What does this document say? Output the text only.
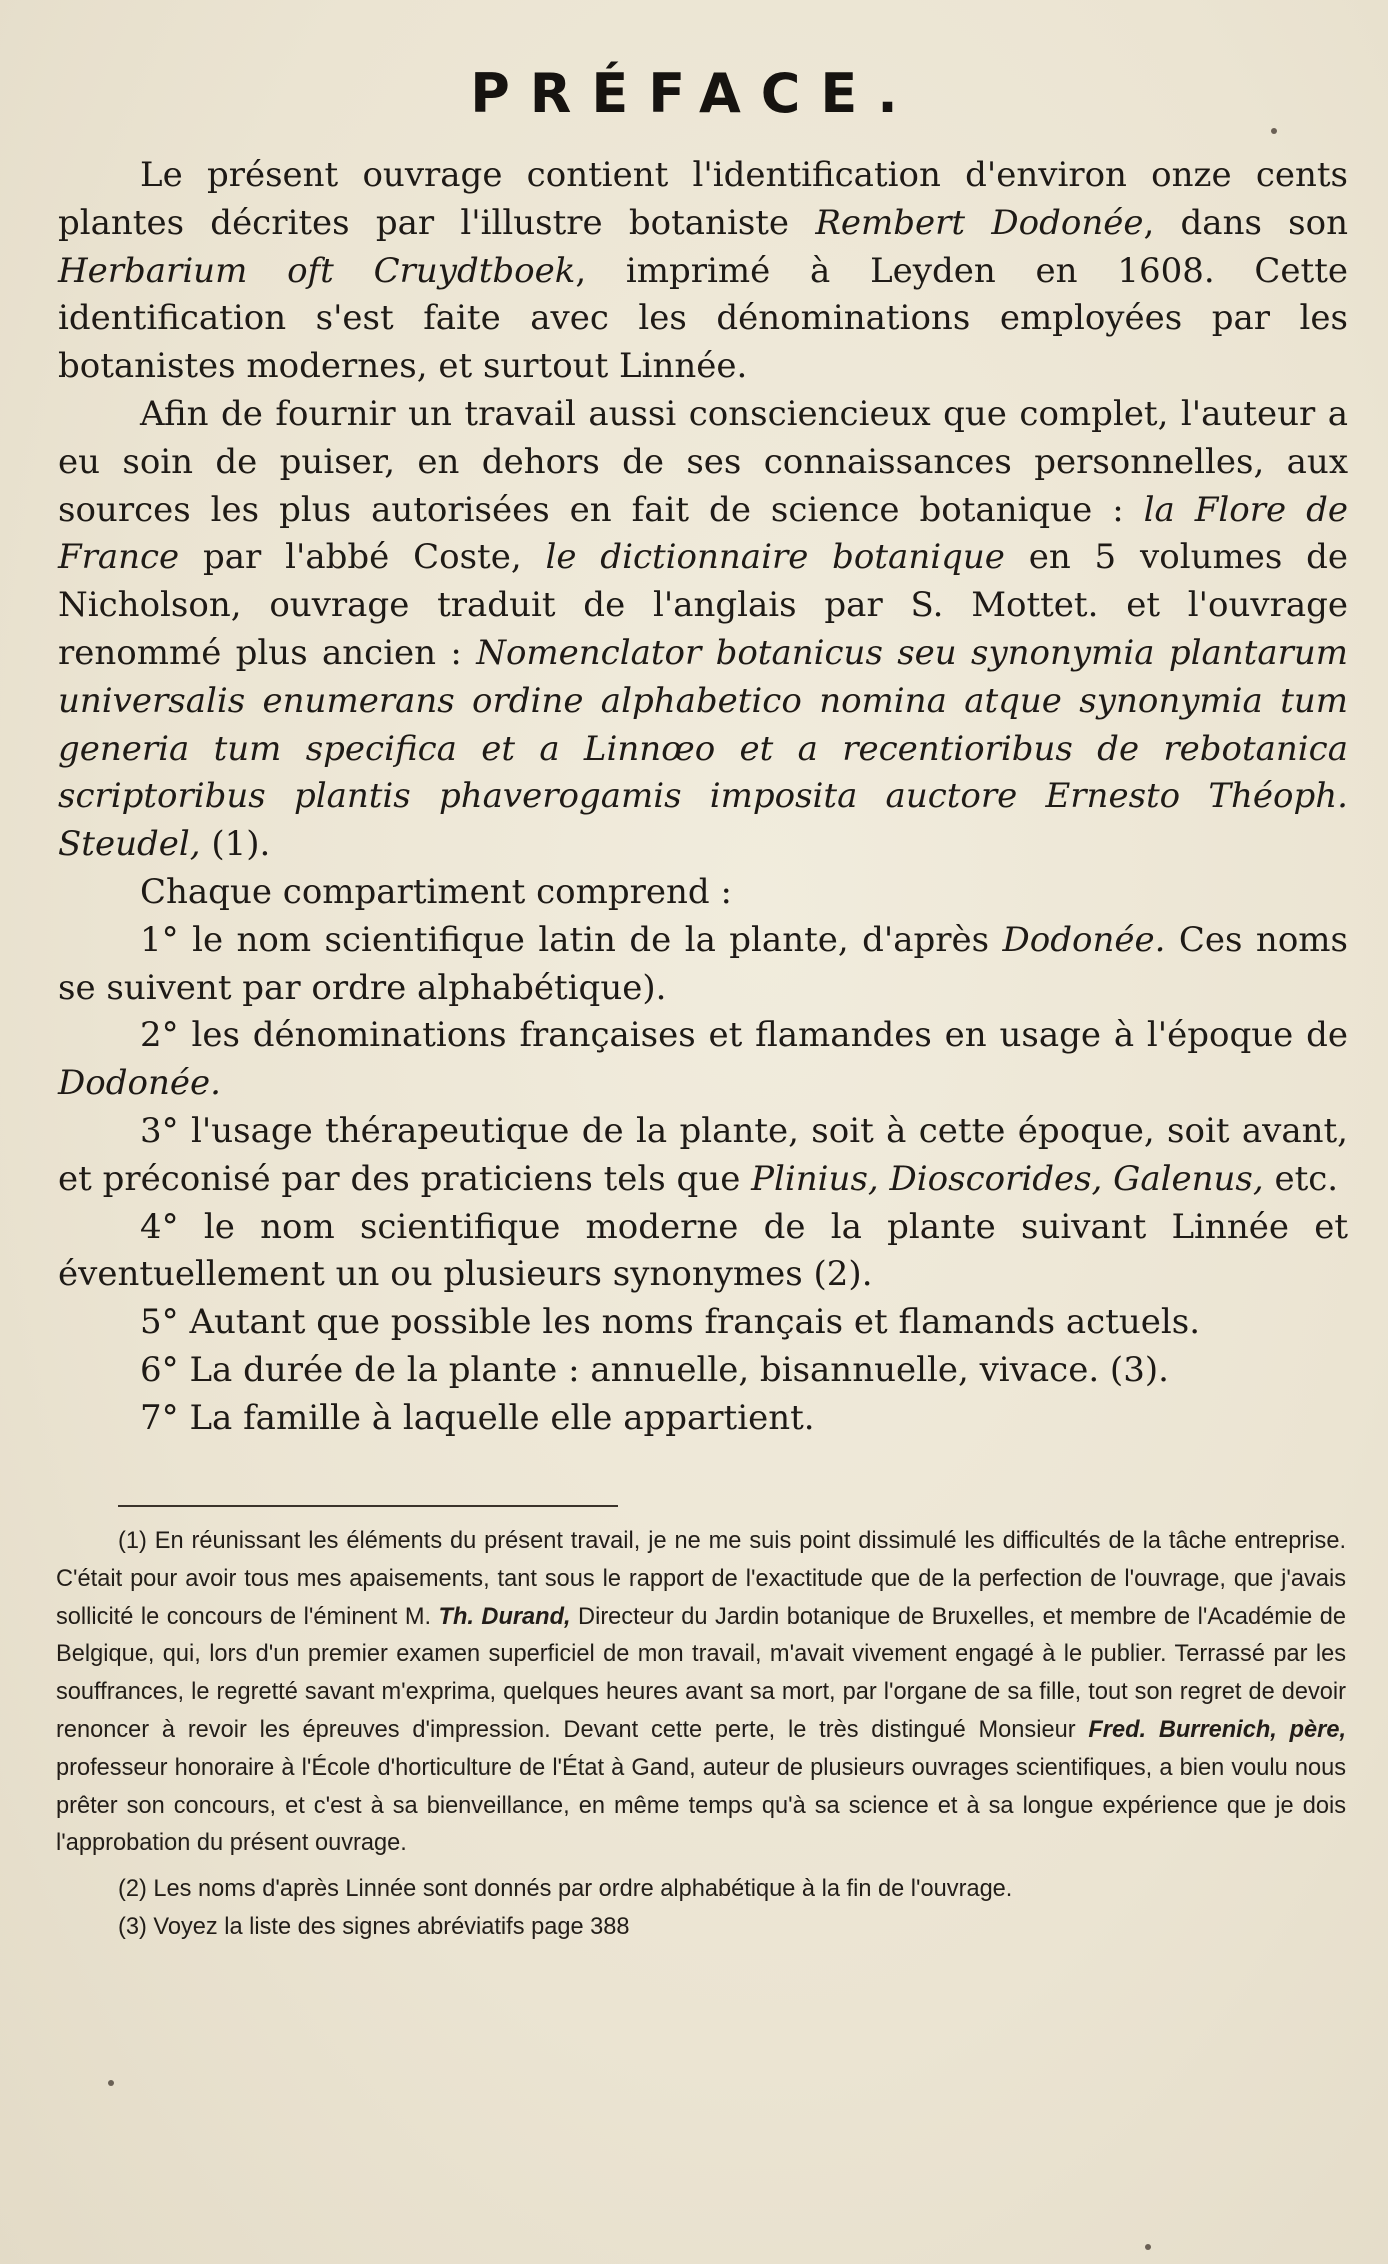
PRÉFACE.

Le présent ouvrage contient l'identification d'environ onze cents plantes décrites par l'illustre botaniste Rembert Dodonée, dans son Herbarium oft Cruydtboek, imprimé à Leyden en 1608. Cette identification s'est faite avec les dénominations employées par les botanistes modernes, et surtout Linnée.

Afin de fournir un travail aussi consciencieux que complet, l'auteur a eu soin de puiser, en dehors de ses connaissances personnelles, aux sources les plus autorisées en fait de science botanique : la Flore de France par l'abbé Coste, le dictionnaire botanique en 5 volumes de Nicholson, ouvrage traduit de l'anglais par S. Mottet. et l'ouvrage renommé plus ancien : Nomenclator botanicus seu synonymia plantarum universalis enumerans ordine alphabetico nomina atque synonymia tum generia tum specifica et a Linnœo et a recentioribus de rebotanica scriptoribus plantis phaverogamis imposita auctore Ernesto Théoph. Steudel, (1).

Chaque compartiment comprend :

1° le nom scientifique latin de la plante, d'après Dodonée. Ces noms se suivent par ordre alphabétique).

2° les dénominations françaises et flamandes en usage à l'époque de Dodonée.

3° l'usage thérapeutique de la plante, soit à cette époque, soit avant, et préconisé par des praticiens tels que Plinius, Dioscorides, Galenus, etc.

4° le nom scientifique moderne de la plante suivant Linnée et éventuellement un ou plusieurs synonymes (2).

5° Autant que possible les noms français et flamands actuels.

6° La durée de la plante : annuelle, bisannuelle, vivace. (3).

7° La famille à laquelle elle appartient.

(1) En réunissant les éléments du présent travail, je ne me suis point dissimulé les difficultés de la tâche entreprise. C'était pour avoir tous mes apaisements, tant sous le rapport de l'exactitude que de la perfection de l'ouvrage, que j'avais sollicité le concours de l'éminent M. Th. Durand, Directeur du Jardin botanique de Bruxelles, et membre de l'Académie de Belgique, qui, lors d'un premier examen superficiel de mon travail, m'avait vivement engagé à le publier. Terrassé par les souffrances, le regretté savant m'exprima, quelques heures avant sa mort, par l'organe de sa fille, tout son regret de devoir renoncer à revoir les épreuves d'impression. Devant cette perte, le très distingué Monsieur Fred. Burrenich, père, professeur honoraire à l'École d'horticulture de l'État à Gand, auteur de plusieurs ouvrages scientifiques, a bien voulu nous prêter son concours, et c'est à sa bienveillance, en même temps qu'à sa science et à sa longue expérience que je dois l'approbation du présent ouvrage.

(2) Les noms d'après Linnée sont donnés par ordre alphabétique à la fin de l'ouvrage.

(3) Voyez la liste des signes abréviatifs page 388
